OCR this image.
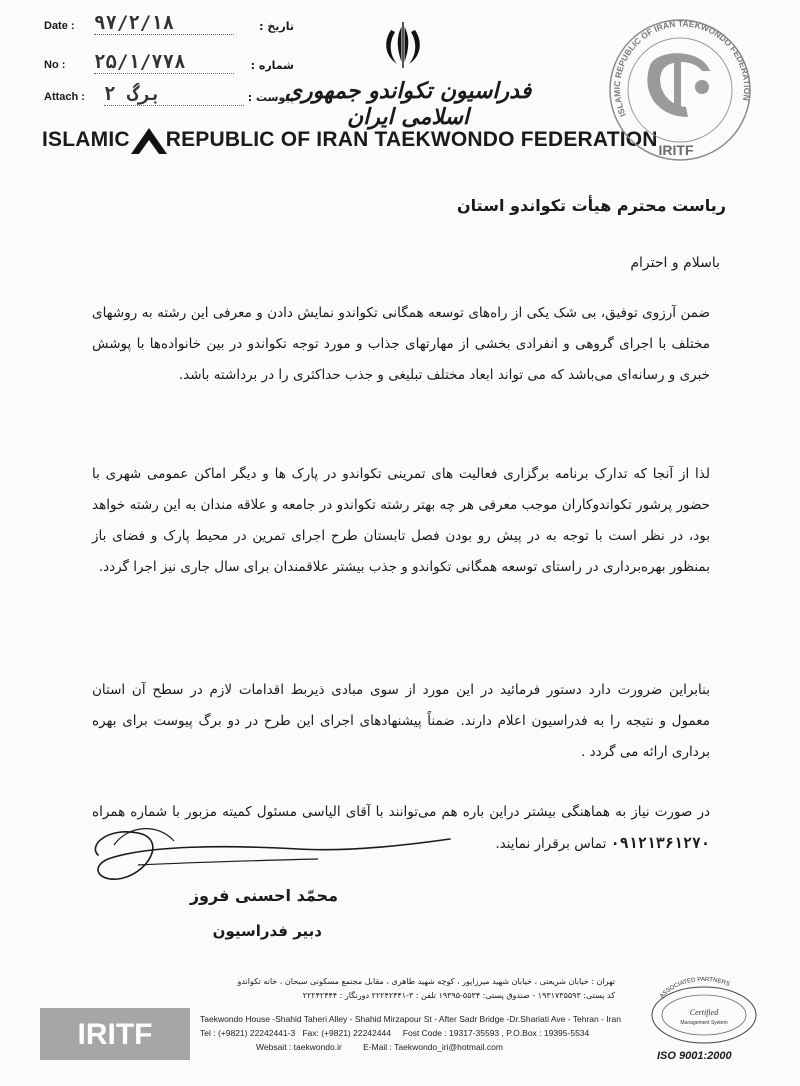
Date : ۹۷/۲/۱۸	تاریخ :
No : ۲۵/۱/۷۷۸	شماره :
Attach : ۲ برگ	پیوست :
فدراسیون تکواندو جمهوری اسلامی ایران
ISLAMIC REPUBLIC OF IRAN TAEKWONDO FEDERATION
ISLAMIC REPUBLIC OF IRAN TAEKWONDO FEDERATION
IRITF
ریاست محترم هیأت تکواندو استان
باسلام و احترام
ضمن آرزوی توفیق، بی شک یکی از راه‌های توسعه همگانی تکواندو نمایش دادن و معرفی این رشته به روشهای مختلف با اجرای گروهی و انفرادی بخشی از مهارتهای جذاب و مورد توجه تکواندو در بین خانواده‌ها با پوشش خبری و رسانه‌ای می‌باشد که می تواند ابعاد مختلف تبلیغی و جذب حداکثری را در برداشته باشد.
لذا از آنجا که تدارک برنامه برگزاری فعالیت های تمرینی تکواندو در پارک ها و دیگر اماکن عمومی شهری با حضور پرشور تکواندوکاران موجب معرفی هر چه بهتر رشته تکواندو در جامعه و علاقه مندان به این رشته خواهد بود، در نظر است با توجه به در پیش رو بودن فصل تابستان طرح اجرای تمرین در محیط پارک و فضای باز بمنظور بهره‌برداری در راستای توسعه همگانی تکواندو و جذب بیشتر علاقمندان برای سال جاری نیز اجرا گردد.
بنابراین ضرورت دارد دستور فرمائید در این مورد از سوی مبادی ذیربط اقدامات لازم در سطح آن استان معمول و نتیجه را به فدراسیون اعلام دارند. ضمناً پیشنهادهای اجرای این طرح در دو برگ پیوست برای بهره برداری ارائه می گردد .
در صورت نیاز به هماهنگی بیشتر دراین باره هم می‌توانند با آقای الیاسی مسئول کمیته مزبور با شماره همراه ۰۹۱۲۱۳۶۱۲۷۰ تماس برقرار نمایند.
محمّد احسنی فروز
دبیر فدراسیون
IRITF
تهران : خیابان شریعتی ، خیابان شهید میرزاپور ، کوچه شهید طاهری ، مقابل مجتمع مسکونی سبحان ، خانه تکواندو
کد پستی: ۱۹۳۱۷۳۵۵۹۳ - صندوق پستی: ۵۵۳۴-۱۹۳۹۵ تلفن : ۳-۲۲۲۴۲۴۴۱ دورنگار : ۲۲۲۴۲۴۴۴
Taekwondo House -Shahid Taheri Alley - Shahid Mirzapour St - After Sadr Bridge -Dr.Shariati Ave - Tehran - Iran
Tel : (+9821) 22242441-3 Fax: (+9821) 22242444 Fost Code : 19317-35593 , P.O.Box : 19395-5534
Websait : taekwondo.ir	E-Mail : Taekwondo_iri@hotmail.com
ASSOCIATED PARTNERS
Certified
Management System
ISO 9001:2000
